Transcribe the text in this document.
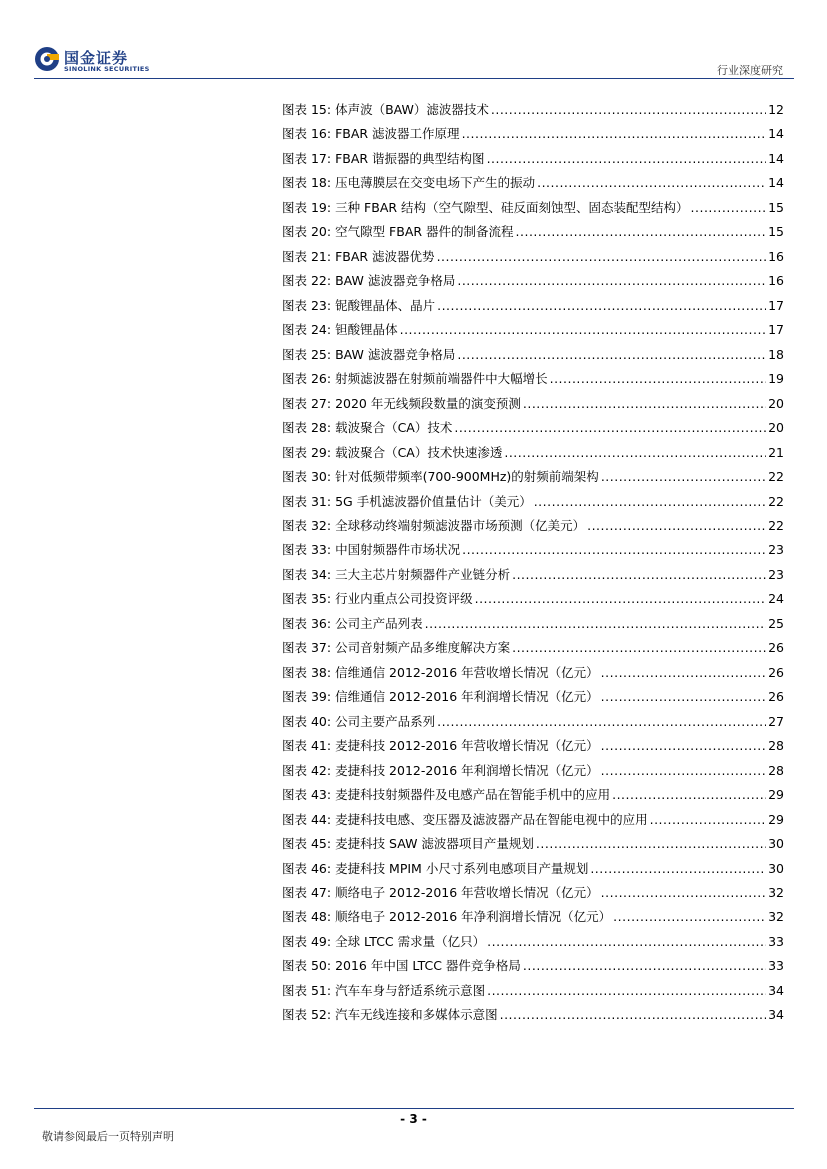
国金证券
SINOLINK SECURITIES	行业深度研究
图表 15:
体声波（BAW）滤波器技术 .....	12
图表 16:
FBAR 滤波器工作原理 .....	14
图表 17:
FBAR 谐振器的典型结构图 .....	14
图表 18:
压电薄膜层在交变电场下产生的振动 .....	14
图表 19:
三种 FBAR 结构（空气隙型、硅反面刻蚀型、固态装配型结构） .....	15
图表 20:
空气隙型 FBAR 器件的制备流程 .....	15
图表 21:
FBAR 滤波器优势 .....	16
图表 22:
BAW 滤波器竞争格局 .....	16
图表 23:
铌酸锂晶体、晶片 .....	17
图表 24:
钽酸锂晶体 .....	17
图表 25:
BAW 滤波器竞争格局 .....	18
图表 26:
射频滤波器在射频前端器件中大幅增长 .....	19
图表 27:
2020 年无线频段数量的演变预测 .....	20
图表 28:
载波聚合（CA）技术 .....	20
图表 29:
载波聚合（CA）技术快速渗透 .....	21
图表 30:
针对低频带频率(700-900MHz)的射频前端架构 .....	22
图表 31:
5G 手机滤波器价值量估计（美元） .....	22
图表 32:
全球移动终端射频滤波器市场预测（亿美元） .....	22
图表 33:
中国射频器件市场状况 .....	23
图表 34:
三大主芯片射频器件产业链分析 .....	23
图表 35:
行业内重点公司投资评级 .....	24
图表 36:
公司主产品列表 .....	25
图表 37:
公司音射频产品多维度解决方案 .....	26
图表 38:
信维通信 2012-2016 年营收增长情况（亿元） .....	26
图表 39:
信维通信 2012-2016 年利润增长情况（亿元） .....	26
图表 40:
公司主要产品系列 .....	27
图表 41:
麦捷科技 2012-2016 年营收增长情况（亿元） .....	28
图表 42:
麦捷科技 2012-2016 年利润增长情况（亿元） .....	28
图表 43:
麦捷科技射频器件及电感产品在智能手机中的应用 .....	29
图表 44:
麦捷科技电感、变压器及滤波器产品在智能电视中的应用 .....	29
图表 45:
麦捷科技 SAW 滤波器项目产量规划 .....	30
图表 46:
麦捷科技 MPIM 小尺寸系列电感项目产量规划 .....	30
图表 47:
顺络电子 2012-2016 年营收增长情况（亿元） .....	32
图表 48:
顺络电子 2012-2016 年净利润增长情况（亿元） .....	32
图表 49:
全球 LTCC 需求量（亿只） .....	33
图表 50:
2016 年中国 LTCC 器件竞争格局 .....	33
图表 51:
汽车车身与舒适系统示意图 .....	34
图表 52:
汽车无线连接和多媒体示意图 .....	34
- 3 -
敬请参阅最后一页特别声明
